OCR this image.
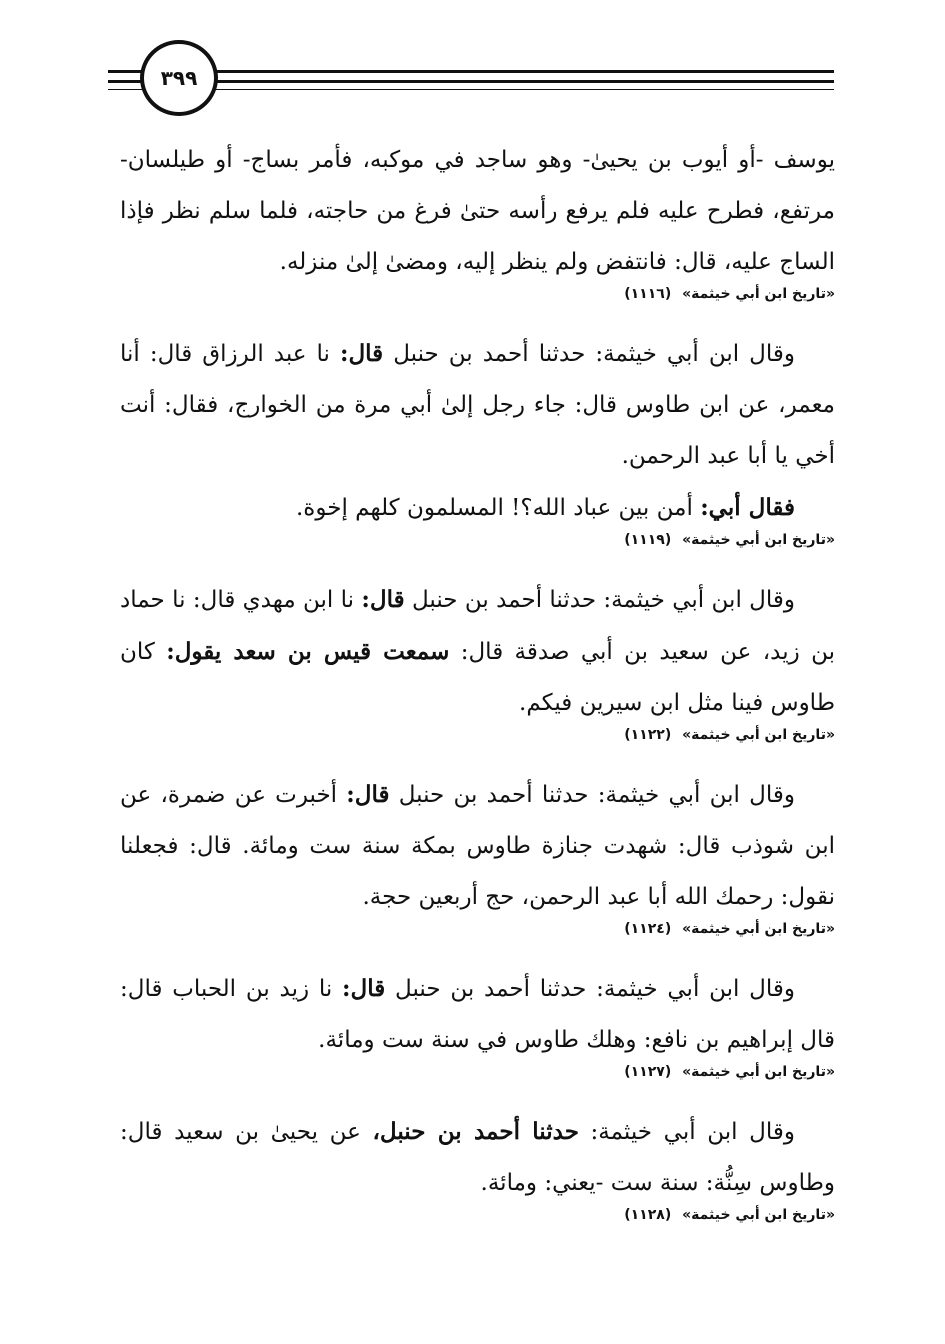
٣٩٩

يوسف -أو أيوب بن يحيىٰ- وهو ساجد في موكبه، فأمر بساج- أو طيلسان- مرتفع، فطرح عليه فلم يرفع رأسه حتىٰ فرغ من حاجته، فلما سلم نظر فإذا الساج عليه، قال: فانتفض ولم ينظر إليه، ومضىٰ إلىٰ منزله.

«تاريخ ابن أبي خيثمة» (١١١٦)

وقال ابن أبي خيثمة: حدثنا أحمد بن حنبل قال: نا عبد الرزاق قال: أنا معمر، عن ابن طاوس قال: جاء رجل إلىٰ أبي مرة من الخوارج، فقال: أنت أخي يا أبا عبد الرحمن.

فقال أبي: أمن بين عباد الله؟! المسلمون كلهم إخوة.

«تاريخ ابن أبي خيثمة» (١١١٩)

وقال ابن أبي خيثمة: حدثنا أحمد بن حنبل قال: نا ابن مهدي قال: نا حماد بن زيد، عن سعيد بن أبي صدقة قال: سمعت قيس بن سعد يقول: كان طاوس فينا مثل ابن سيرين فيكم.

«تاريخ ابن أبي خيثمة» (١١٢٢)

وقال ابن أبي خيثمة: حدثنا أحمد بن حنبل قال: أخبرت عن ضمرة، عن ابن شوذب قال: شهدت جنازة طاوس بمكة سنة ست ومائة. قال: فجعلنا نقول: رحمك الله أبا عبد الرحمن، حج أربعين حجة.

«تاريخ ابن أبي خيثمة» (١١٢٤)

وقال ابن أبي خيثمة: حدثنا أحمد بن حنبل قال: نا زيد بن الحباب قال: قال إبراهيم بن نافع: وهلك طاوس في سنة ست ومائة.

«تاريخ ابن أبي خيثمة» (١١٢٧)

وقال ابن أبي خيثمة: حدثنا أحمد بن حنبل، عن يحيىٰ بن سعيد قال: وطاوس سِنُّة: سنة ست -يعني: ومائة.

«تاريخ ابن أبي خيثمة» (١١٢٨)
